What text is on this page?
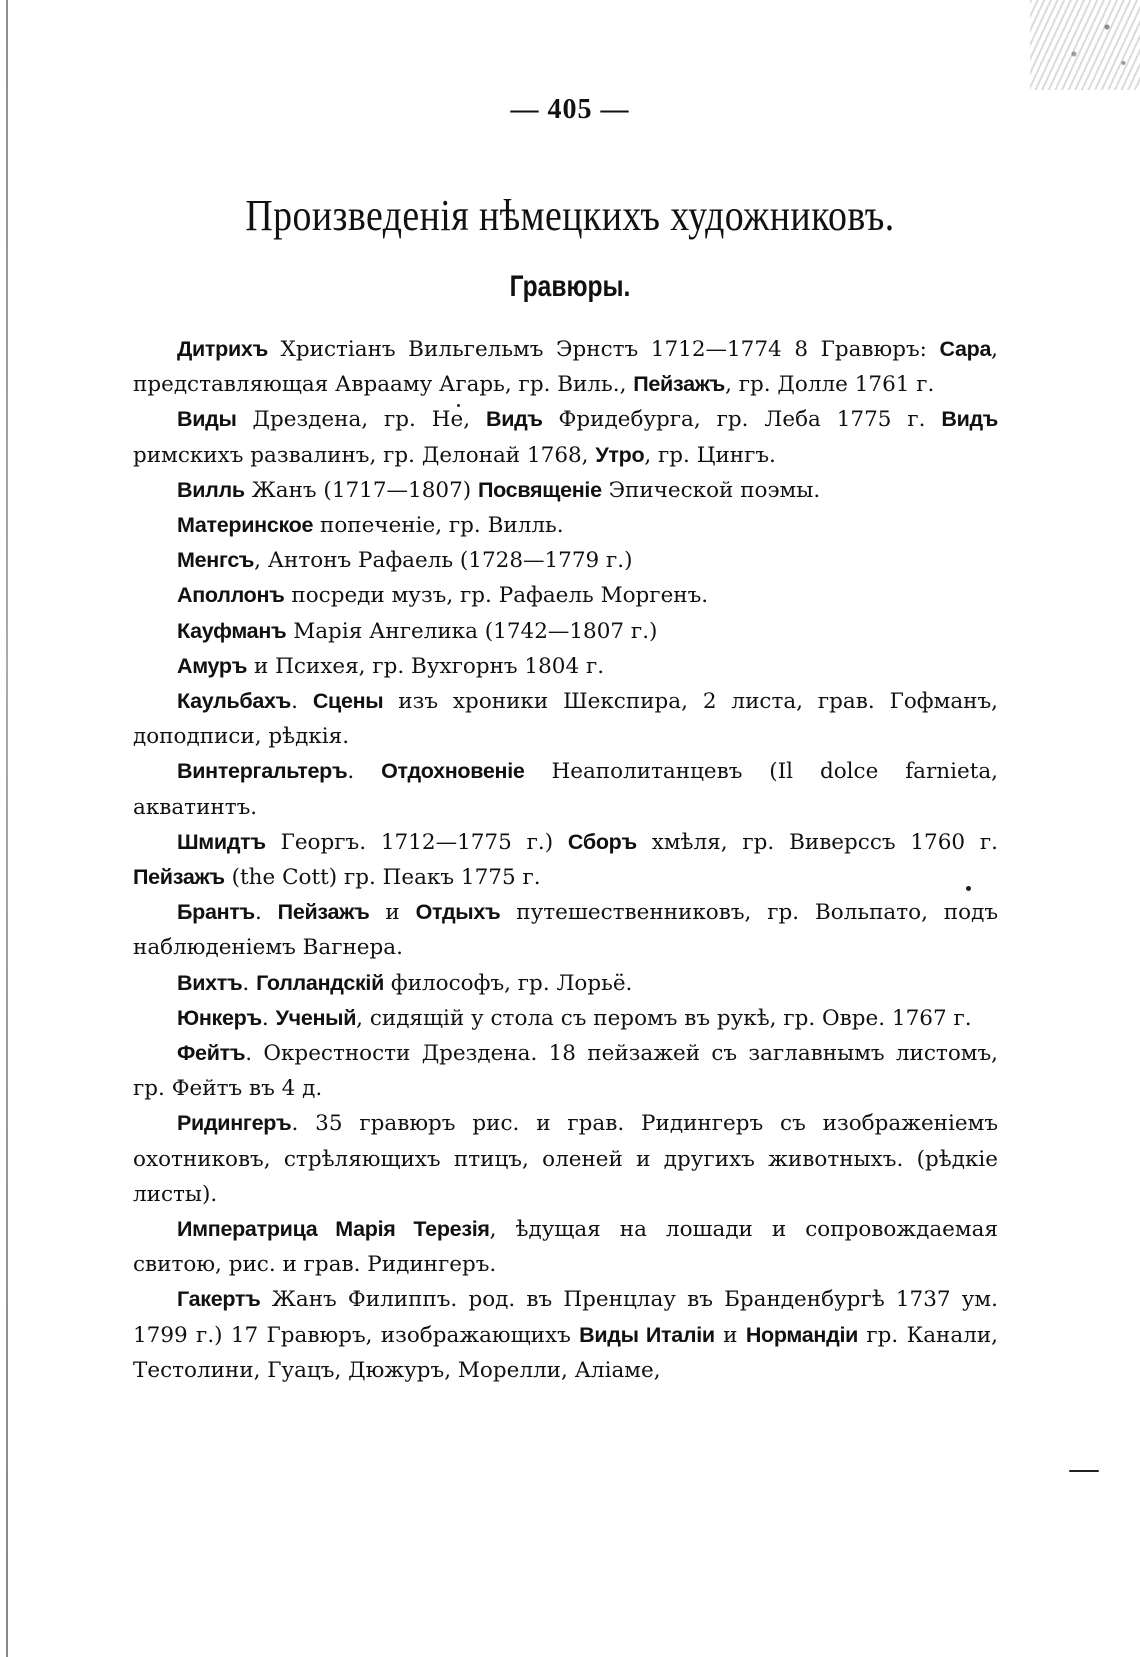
— 405 —
Произведенія нѣмецкихъ художниковъ.
Гравюры.

Дитрихъ Христіанъ Вильгельмъ Эрнстъ 1712—1774 8 Гравюръ: Сара, представляющая Аврааму Агарь, гр. Виль., Пейзажъ, гр. Долле 1761 г.

Виды Дрездена, гр. Не, Видъ Фридебурга, гр. Леба 1775 г. Видъ римскихъ развалинъ, гр. Делонай 1768, Утро, гр. Цингъ.

Вилль Жанъ (1717—1807) Посвященіе Эпической поэмы.

Материнское попеченіе, гр. Вилль.

Менгсъ, Антонъ Рафаель (1728—1779 г.)

Аполлонъ посреди музъ, гр. Рафаель Моргенъ.

Кауфманъ Марія Ангелика (1742—1807 г.)

Амуръ и Психея, гр. Вухгорнъ 1804 г.

Каульбахъ. Сцены изъ хроники Шекспира, 2 листа, грав. Гофманъ, доподписи, рѣдкія.

Винтергальтеръ. Отдохновеніе Неаполитанцевъ (Il dolce farnieta, акватинтъ.

Шмидтъ Георгъ. 1712—1775 г.) Сборъ хмѣля, гр. Виверссъ 1760 г. Пейзажъ (the Cott) гр. Пеакъ 1775 г.

Брантъ. Пейзажъ и Отдыхъ путешественниковъ, гр. Вольпато, подъ наблюденіемъ Вагнера.

Вихтъ. Голландскій философъ, гр. Лорьё.

Юнкеръ. Ученый, сидящій у стола съ перомъ въ рукѣ, гр. Овре. 1767 г.

Фейтъ. Окрестности Дрездена. 18 пейзажей съ заглавнымъ листомъ, гр. Фейтъ въ 4 д.

Ридингеръ. 35 гравюръ рис. и грав. Ридингеръ съ изображеніемъ охотниковъ, стрѣляющихъ птицъ, оленей и другихъ животныхъ. (рѣдкіе листы).

Императрица Марія Терезія, ѣдущая на лошади и сопровождаемая свитою, рис. и грав. Ридингеръ.

Гакертъ Жанъ Филиппъ. род. въ Пренцлау въ Бранденбургѣ 1737 ум. 1799 г.) 17 Гравюръ, изображающихъ Виды Италіи и Нормандіи гр. Канали, Тестолини, Гуацъ, Дюжуръ, Морелли, Аліаме,
